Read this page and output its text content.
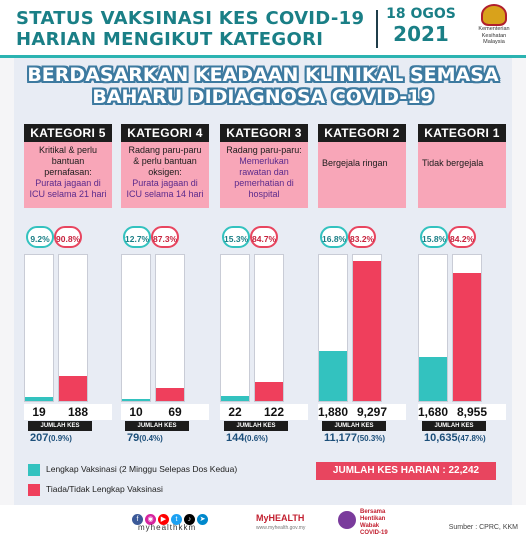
STATUS VAKSINASI KES COVID-19
HARIAN MENGIKUT KATEGORI
18 OGOS
2021	Kementerian
Kesihatan
Malaysia
BERDASARKAN KEADAAN KLINIKAL SEMASA
BAHARU DIDIAGNOSA COVID-19
KATEGORI 5
Kritikal & perlu bantuan pernafasan:
Purata jagaan di ICU selama 21 hari
9.2% 90.8%
19	188
JUMLAH KES
207(0.9%)
KATEGORI 4
Radang paru-paru & perlu bantuan oksigen:
Purata jagaan di ICU selama 14 hari
12.7% 87.3%
10	69
JUMLAH KES
79(0.4%)
KATEGORI 3
Radang paru-paru:
Memerlukan rawatan dan pemerhatian di hospital
15.3% 84.7%
22	122
JUMLAH KES
144(0.6%)
KATEGORI 2
Bergejala ringan
16.8% 83.2%
1,880 9,297
JUMLAH KES
11,177(50.3%)
KATEGORI 1
Tidak bergejala
15.8% 84.2%
1,680 8,955
JUMLAH KES
10,635(47.8%)
Lengkap Vaksinasi (2 Minggu Selepas Dos Kedua)
Tiada/Tidak Lengkap Vaksinasi
JUMLAH KES HARIAN : 22,242
f ◉ ▶ t ♪ ➤
myhealthkkm
MyHEALTH
www.myhealth.gov.my
Bersama Hentikan Wabak COVID-19
Sumber : CPRC, KKM
